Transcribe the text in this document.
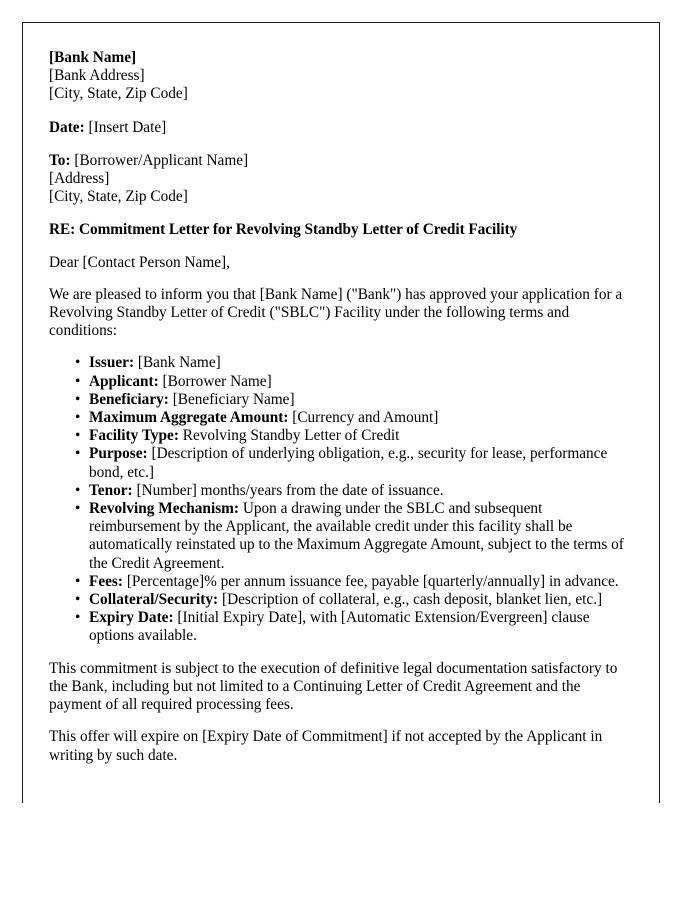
[Bank Name]
[Bank Address]
[City, State, Zip Code]
Date: [Insert Date]
To: [Borrower/Applicant Name]
[Address]
[City, State, Zip Code]
RE: Commitment Letter for Revolving Standby Letter of Credit Facility
Dear [Contact Person Name],
We are pleased to inform you that [Bank Name] ("Bank") has approved your application for a Revolving Standby Letter of Credit ("SBLC") Facility under the following terms and conditions:
• Issuer: [Bank Name]
• Applicant: [Borrower Name]
• Beneficiary: [Beneficiary Name]
• Maximum Aggregate Amount: [Currency and Amount]
• Facility Type: Revolving Standby Letter of Credit
• Purpose: [Description of underlying obligation, e.g., security for lease, performance bond, etc.]
• Tenor: [Number] months/years from the date of issuance.
• Revolving Mechanism: Upon a drawing under the SBLC and subsequent reimbursement by the Applicant, the available credit under this facility shall be automatically reinstated up to the Maximum Aggregate Amount, subject to the terms of the Credit Agreement.
• Fees: [Percentage]% per annum issuance fee, payable [quarterly/annually] in advance.
• Collateral/Security: [Description of collateral, e.g., cash deposit, blanket lien, etc.]
• Expiry Date: [Initial Expiry Date], with [Automatic Extension/Evergreen] clause options available.
This commitment is subject to the execution of definitive legal documentation satisfactory to the Bank, including but not limited to a Continuing Letter of Credit Agreement and the payment of all required processing fees.
This offer will expire on [Expiry Date of Commitment] if not accepted by the Applicant in writing by such date.
